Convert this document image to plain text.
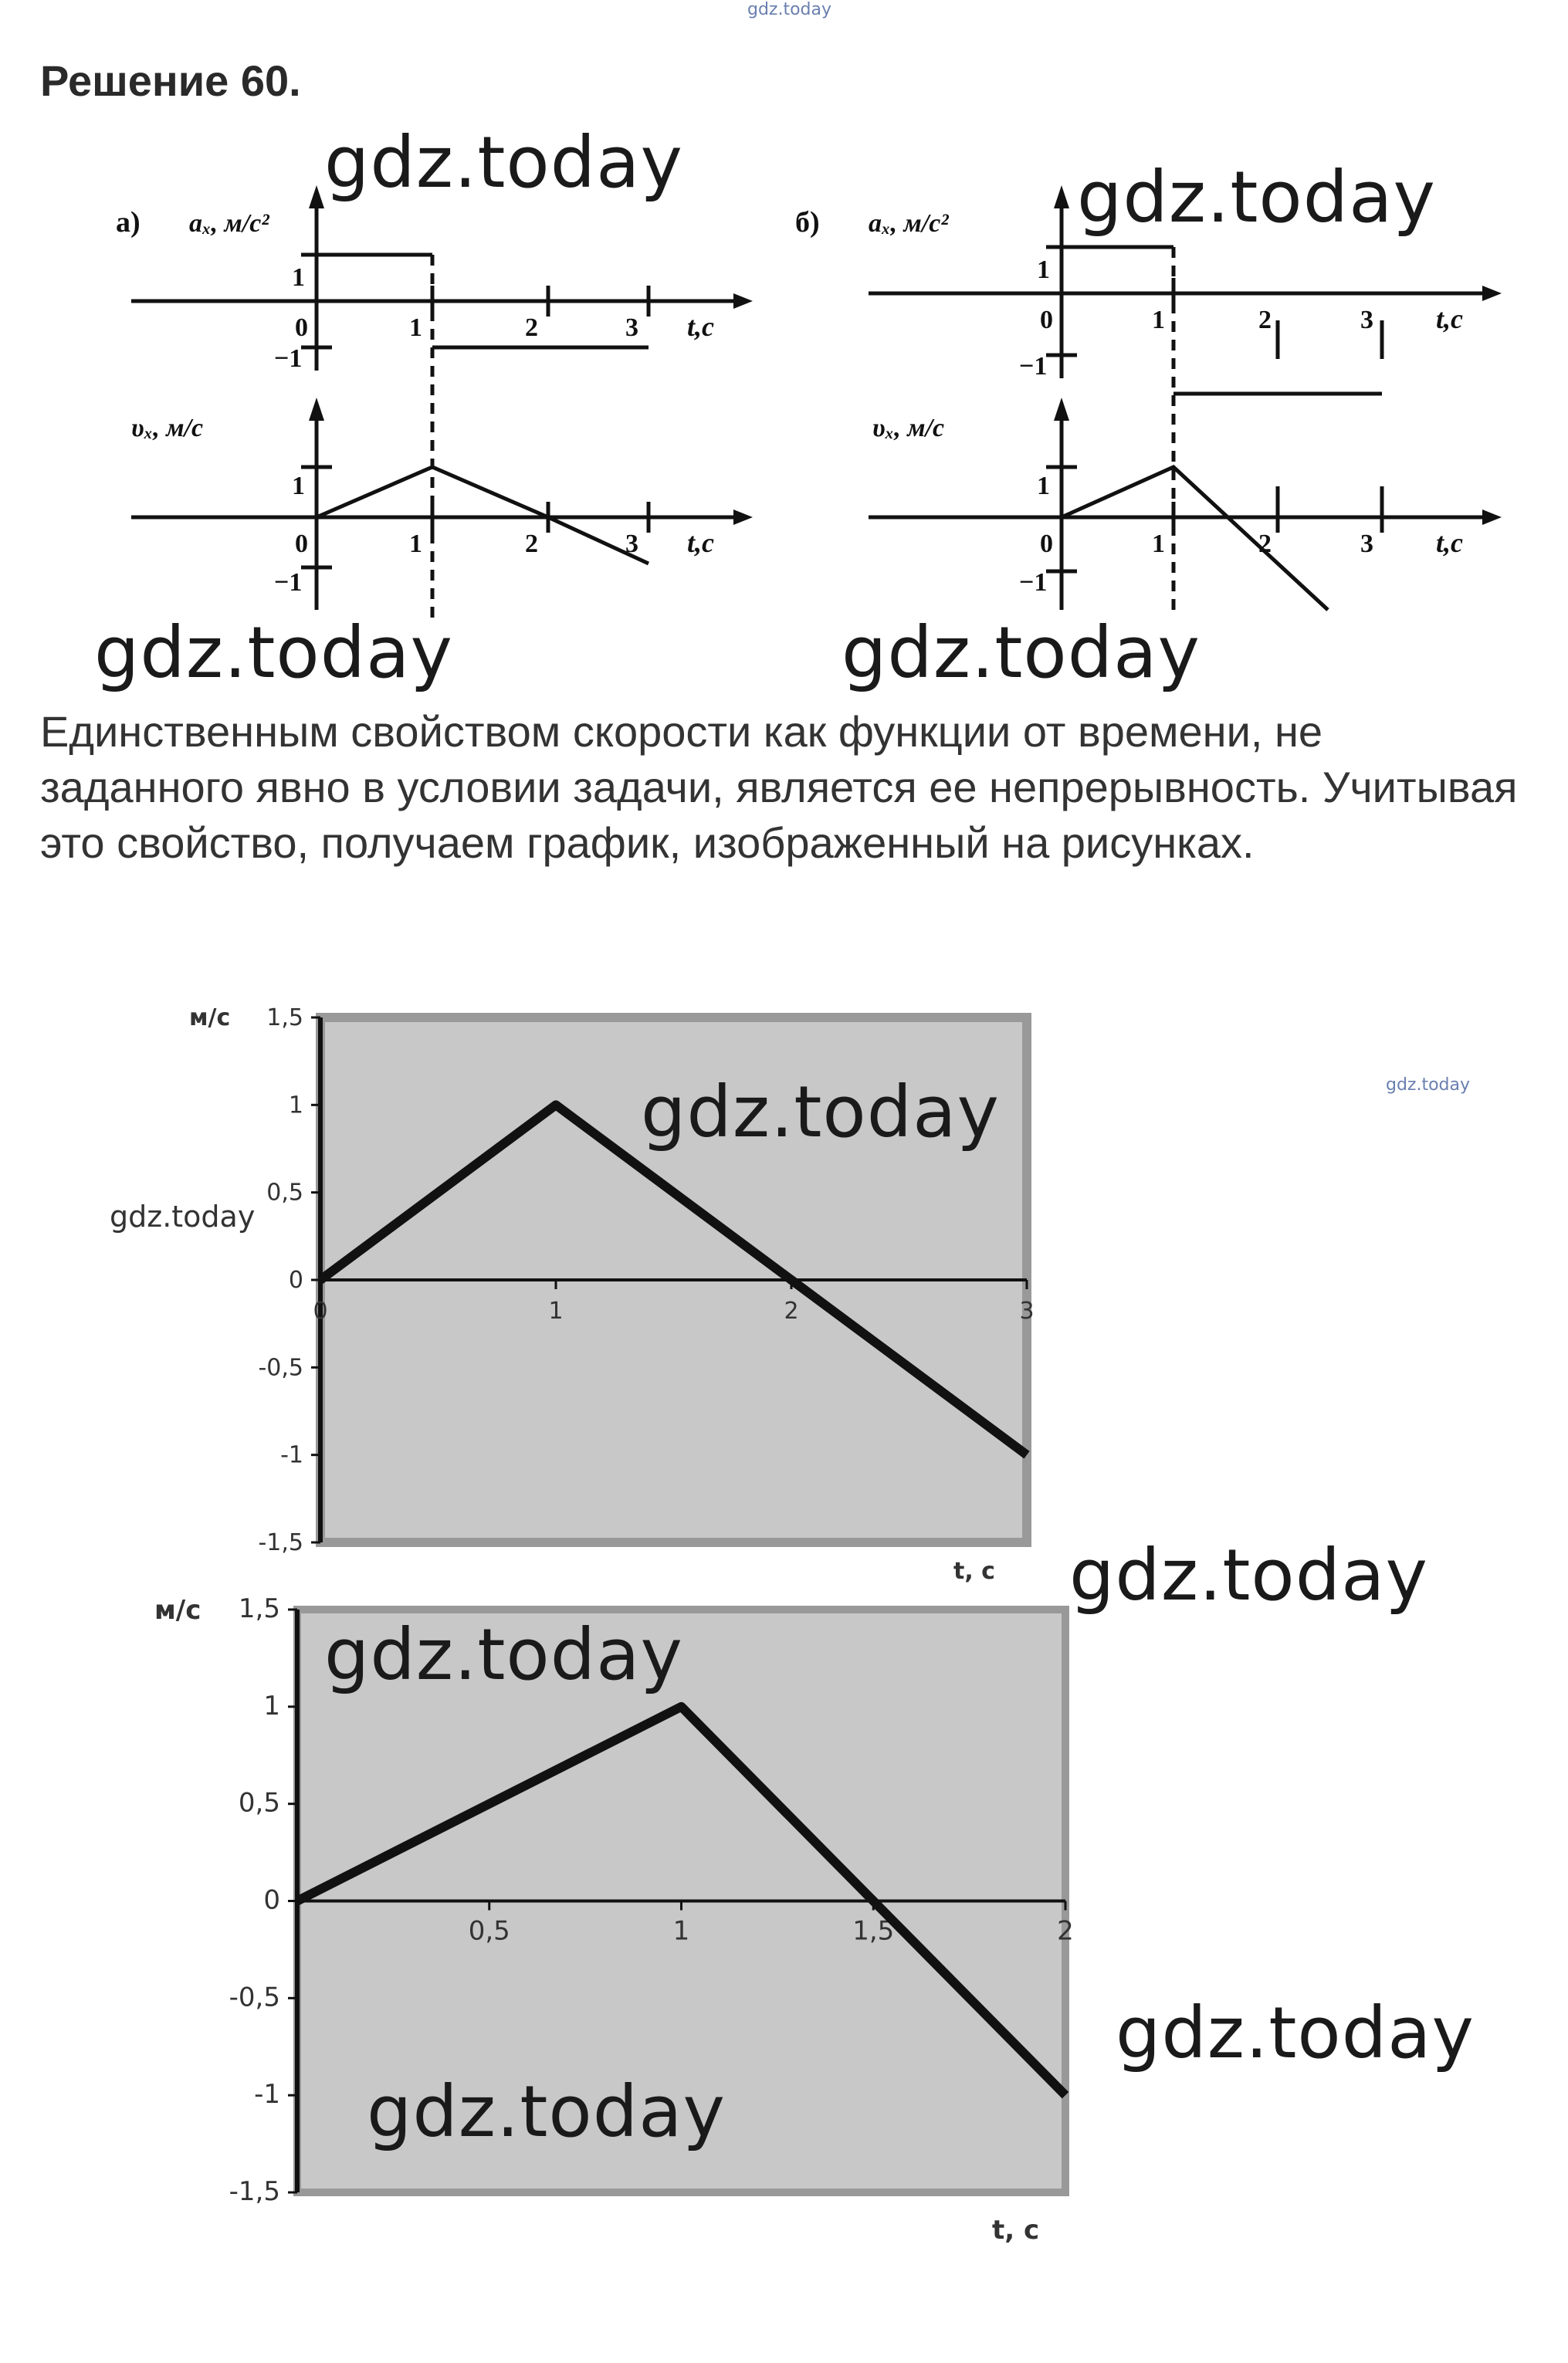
gdz.today
Решение 60.
а) aₓ, м/с²
1
−1
0	1	2	3 t,с
υₓ, м/с
1
−1
0	1	2	3 t,с
б) aₓ, м/с²
1
−1
0	1	2	3 t,с
υₓ, м/с
1
−1
0	1	2	3 t,с
gdz.today	gdz.today
gdz.today	gdz.today

Единственным свойством скорости как функции от времени, не заданного явно в условии задачи, является ее непрерывность. Учитывая это свойство, получаем график, изображенный на рисунках.

1,5
1
0,5
0
-0,5
-1
-1,5
0	1	2	3
м/с
t, с
1,5
1
0,5
0
-0,5
-1
-1,5
0,5	1	1,5	2
м/с
t, с
gdz.today	gdz.today
gdz.today
gdz.today
gdz.today
gdz.today
gdz.today
